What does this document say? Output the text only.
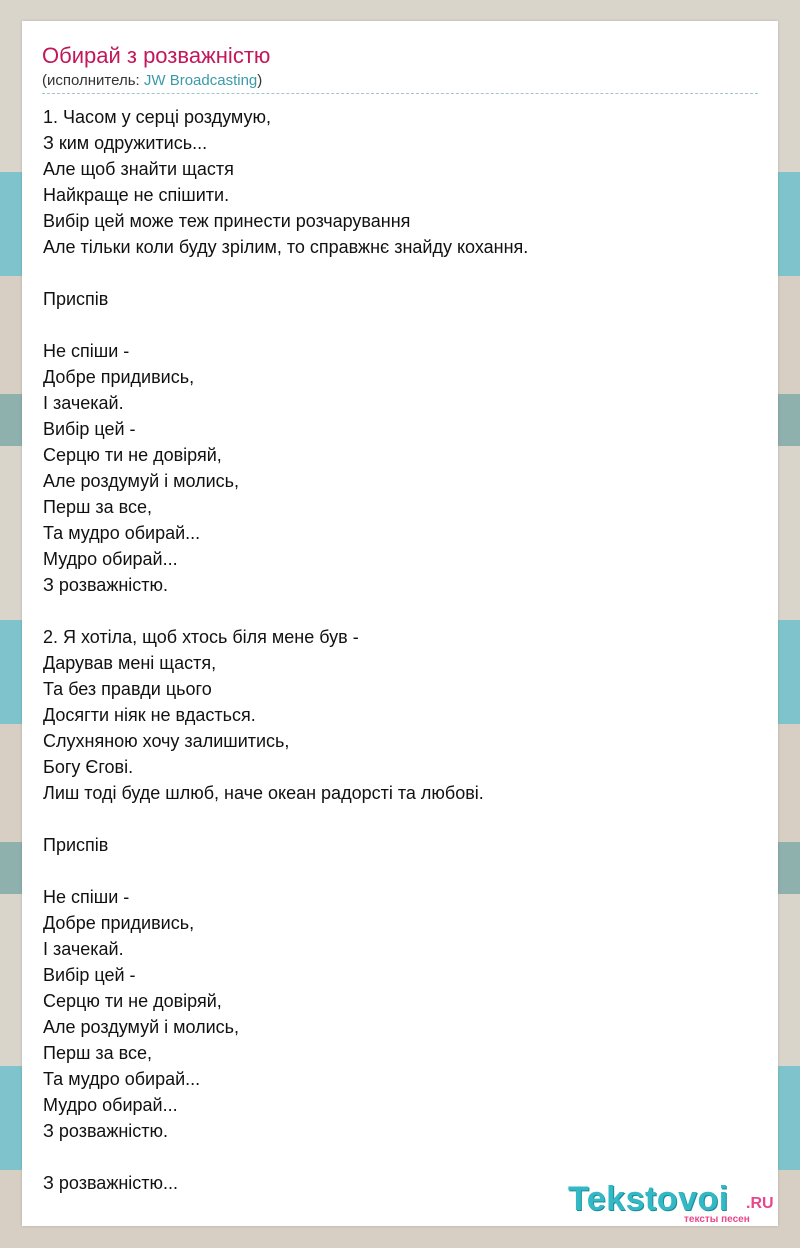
Обирай з розважністю
(исполнитель: JW Broadcasting)
1. Часом у серці роздумую,
З ким одружитись...
Але щоб знайти щастя
Найкраще не спішити.
Вибір цей може теж принести розчарування
Але тільки коли буду зрілим, то справжнє знайду кохання.

Приспів

Не спіши -
Добре придивись,
І зачекай.
Вибір цей -
Серцю ти не довіряй,
Але роздумуй і молись,
Перш за все,
Та мудро обирай...
Мудро обирай...
З розважністю.

2. Я хотіла, щоб хтось біля мене був -
Дарував мені щастя,
Та без правди цього
Досягти ніяк не вдасться.
Слухняною хочу залишитись,
Богу Єгові.
Лиш тоді буде шлюб, наче океан радорсті та любові.

Приспів

Не спіши -
Добре придивись,
І зачекай.
Вибір цей -
Серцю ти не довіряй,
Але роздумуй і молись,
Перш за все,
Та мудро обирай...
Мудро обирай...
З розважністю.

З розважністю...	Tekstovoi .RU
тексты песен
